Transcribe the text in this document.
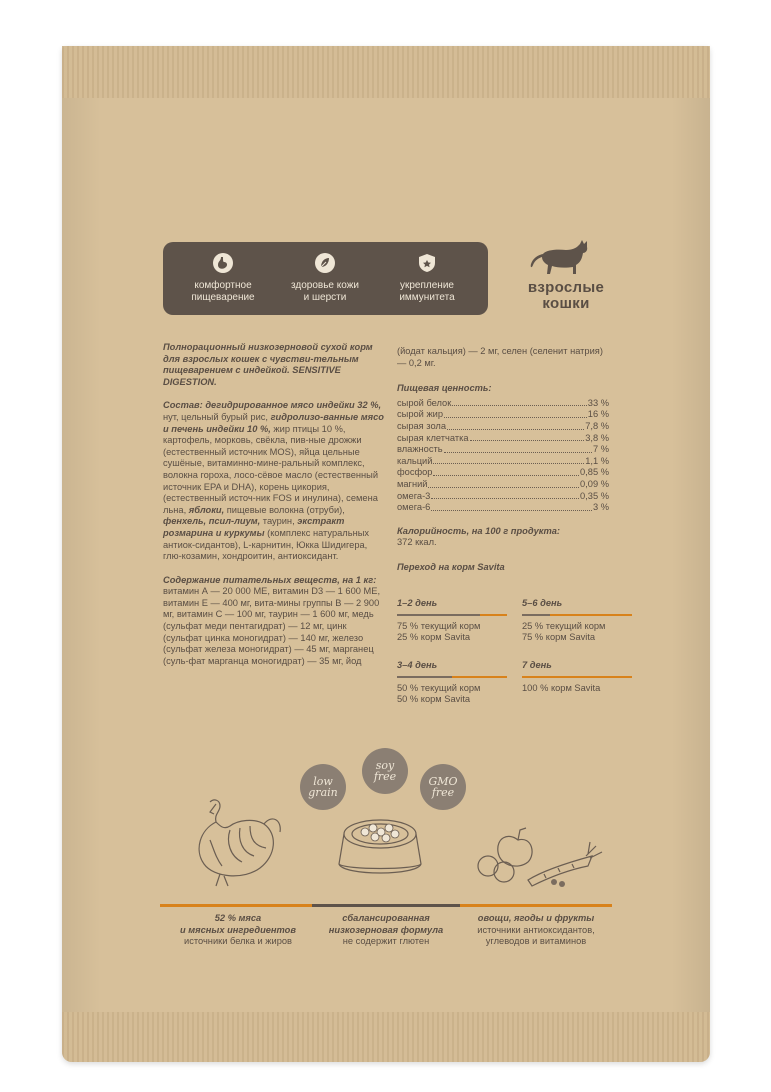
комфортное
пищеварение
здоровье кожи
и шерсти
укрепление
иммунитета
взрослые
кошки

Полнорационный низкозерновой сухой корм для взрослых кошек с чувстви-тельным пищеварением с индейкой. SENSITIVE DIGESTION.

Состав: дегидрированное мясо индейки 32 %, нут, цельный бурый рис, гидролизо-ванные мясо и печень индейки 10 %, жир птицы 10 %, картофель, морковь, свёкла, пив-ные дрожжи (естественный источник MOS), яйца цельные сушёные, витаминно-мине-ральный комплекс, волокна гороха, лосо-сёвое масло (естественный источник EPA и DHA), корень цикория, (естественный источ-ник FOS и инулина), семена льна, яблоки, пищевые волокна (отруби), фенхель, псил-лиум, таурин, экстракт розмарина и куркумы (комплекс натуральных антиок-сидантов), L-карнитин, Юкка Шидигера, глю-козамин, хондроитин, антиоксидант.

Содержание питательных веществ, на 1 кг: витамин А — 20 000 МЕ, витамин D3 — 1 600 МЕ, витамин Е — 400 мг, вита-мины группы В — 2 900 мг, витамин С — 100 мг, таурин — 1 600 мг, медь (сульфат меди пентагидрат) — 12 мг, цинк (сульфат цинка моногидрат) — 140 мг, железо (сульфат железа моногидрат) — 45 мг, марганец (суль-фат марганца моногидрат) — 35 мг, йод

(йодат кальция) — 2 мг, селен (селенит натрия) — 0,2 мг.

Пищевая ценность:
сырой белок	33 %
сырой жир	16 %
сырая зола	7,8 %
сырая клетчатка	3,8 %
влажность	7 %
кальций	1,1 %
фосфор	0,85 %
магний	0,09 %
омега-3	0,35 %
омега-6	3 %
Калорийность, на 100 г продукта:
372 ккал.
Переход на корм Savita
1–2 день
75 % текущий корм
25 % корм Savita
5–6 день
25 % текущий корм
75 % корм Savita
3–4 день
50 % текущий корм
50 % корм Savita
7 день
100 % корм Savita
low
grain
soy
free	GMO
free
52 % мяса
и мясных ингредиентов
источники белка и жиров
сбалансированная
низкозерновая формула
не содержит глютен
овощи, ягоды и фрукты
источники антиоксидантов,
углеводов и витаминов
